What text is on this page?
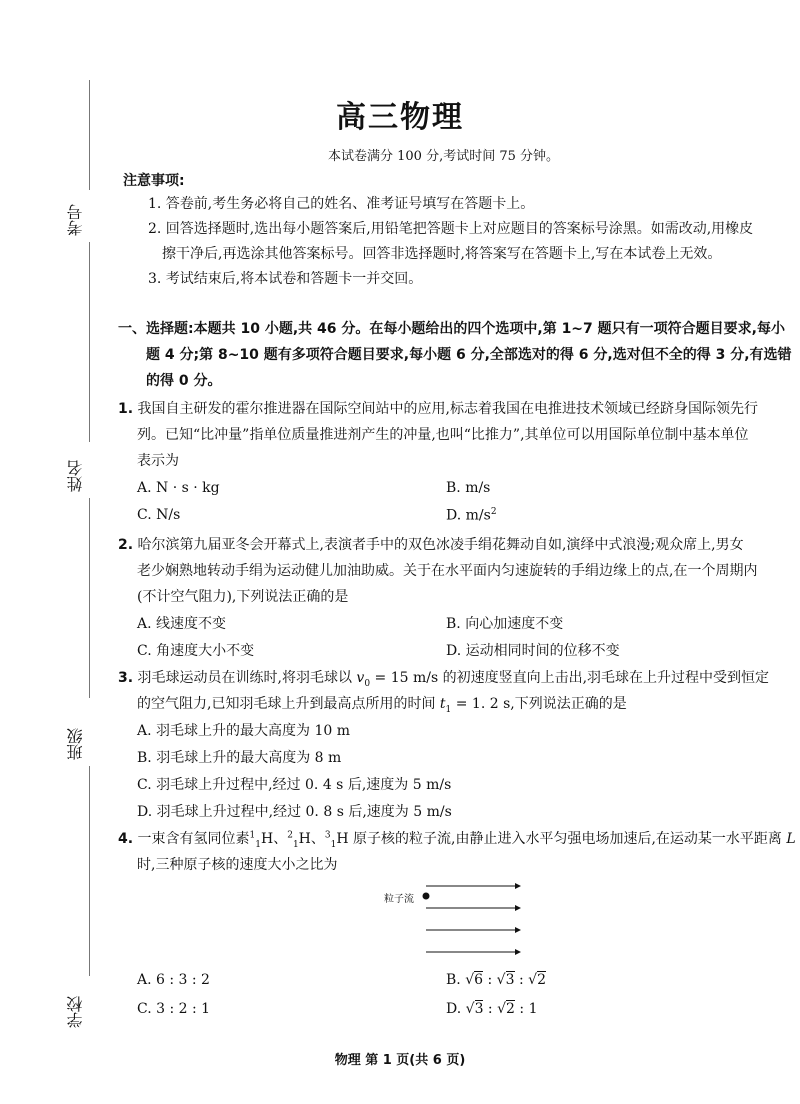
考号
姓名
班级
学校
高三物理
本试卷满分 100 分,考试时间 75 分钟。
注意事项:
1. 答卷前,考生务必将自己的姓名、准考证号填写在答题卡上。
2. 回答选择题时,选出每小题答案后,用铅笔把答题卡上对应题目的答案标号涂黑。如需改动,用橡皮
擦干净后,再选涂其他答案标号。回答非选择题时,将答案写在答题卡上,写在本试卷上无效。
3. 考试结束后,将本试卷和答题卡一并交回。
一、选择题:本题共 10 小题,共 46 分。在每小题给出的四个选项中,第 1~7 题只有一项符合题目要求,每小
题 4 分;第 8~10 题有多项符合题目要求,每小题 6 分,全部选对的得 6 分,选对但不全的得 3 分,有选错
的得 0 分。
1. 我国自主研发的霍尔推进器在国际空间站中的应用,标志着我国在电推进技术领域已经跻身国际领先行
列。已知“比冲量”指单位质量推进剂产生的冲量,也叫“比推力”,其单位可以用国际单位制中基本单位
表示为
A. N · s · kg	B. m/s
C. N/s	D. $m/s^2$
2. 哈尔滨第九届亚冬会开幕式上,表演者手中的双色冰凌手绢花舞动自如,演绎中式浪漫;观众席上,男女
老少娴熟地转动手绢为运动健儿加油助威。关于在水平面内匀速旋转的手绢边缘上的点,在一个周期内
(不计空气阻力),下列说法正确的是
A. 线速度不变	B. 向心加速度不变
C. 角速度大小不变	D. 运动相同时间的位移不变
3. 羽毛球运动员在训练时,将羽毛球以 $v_0 = 15$ m/s 的初速度竖直向上击出,羽毛球在上升过程中受到恒定
的空气阻力,已知羽毛球上升到最高点所用的时间 $t_1 = 1$. 2 s,下列说法正确的是
A. 羽毛球上升的最大高度为 10 m
B. 羽毛球上升的最大高度为 8 m
C. 羽毛球上升过程中,经过 0. 4 s 后,速度为 5 m/s
D. 羽毛球上升过程中,经过 0. 8 s 后,速度为 5 m/s
4. 一束含有氢同位素$^1_1$H、$^2_1$H、$^3_1$H 原子核的粒子流,由静止进入水平匀强电场加速后,在运动某一水平距离 L
时,三种原子核的速度大小之比为
粒子流
A. 6 : 3 : 2	B. √6 : √3 : √2
C. 3 : 2 : 1	D. √3 : √2 : 1
物理 第 1 页(共 6 页)
